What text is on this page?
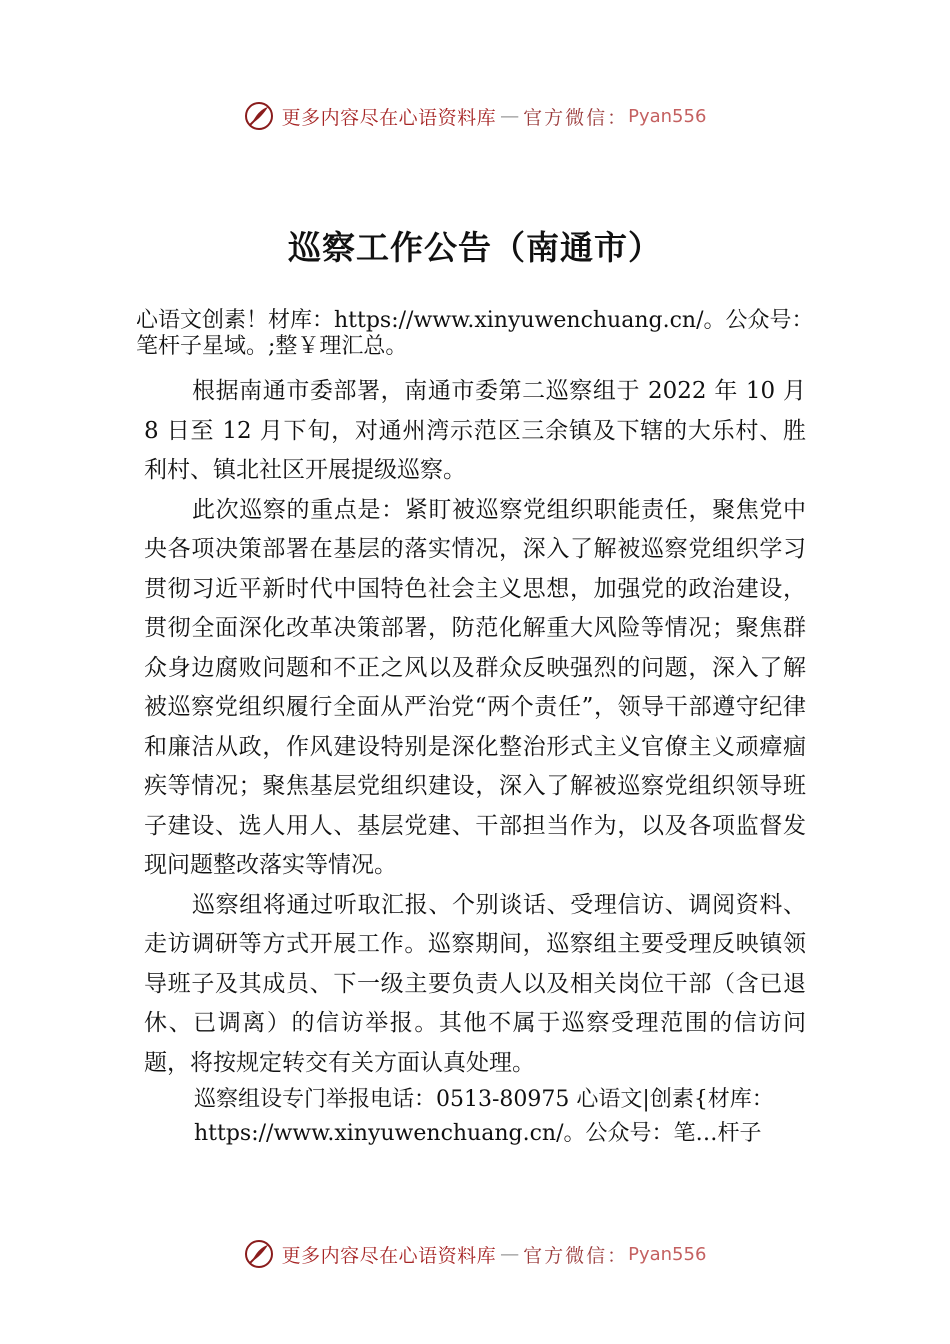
更多内容尽在心语资料库 — 官方微信： Pyan556
巡察工作公告（南通市）
心语文创素！材库：https://www.xinyuwenchuang.cn/。公众号：笔杆子星域。;整￥理汇总。

根据南通市委部署，南通市委第二巡察组于 2022 年 10 月 8 日至 12 月下旬，对通州湾示范区三余镇及下辖的大乐村、胜利村、镇北社区开展提级巡察。

此次巡察的重点是：紧盯被巡察党组织职能责任，聚焦党中央各项决策部署在基层的落实情况，深入了解被巡察党组织学习贯彻习近平新时代中国特色社会主义思想，加强党的政治建设，贯彻全面深化改革决策部署，防范化解重大风险等情况；聚焦群众身边腐败问题和不正之风以及群众反映强烈的问题，深入了解被巡察党组织履行全面从严治党“两个责任”，领导干部遵守纪律和廉洁从政，作风建设特别是深化整治形式主义官僚主义顽瘴痼疾等情况；聚焦基层党组织建设，深入了解被巡察党组织领导班子建设、选人用人、基层党建、干部担当作为，以及各项监督发现问题整改落实等情况。

巡察组将通过听取汇报、个别谈话、受理信访、调阅资料、走访调研等方式开展工作。巡察期间，巡察组主要受理反映镇领导班子及其成员、下一级主要负责人以及相关岗位干部（含已退休、已调离）的信访举报。其他不属于巡察受理范围的信访问题，将按规定转交有关方面认真处理。

巡察组设专门举报电话：0513-80975 心语文|创素{材库：

https://www.xinyuwenchuang.cn/。公众号：笔…杆子

更多内容尽在心语资料库 — 官方微信： Pyan556
